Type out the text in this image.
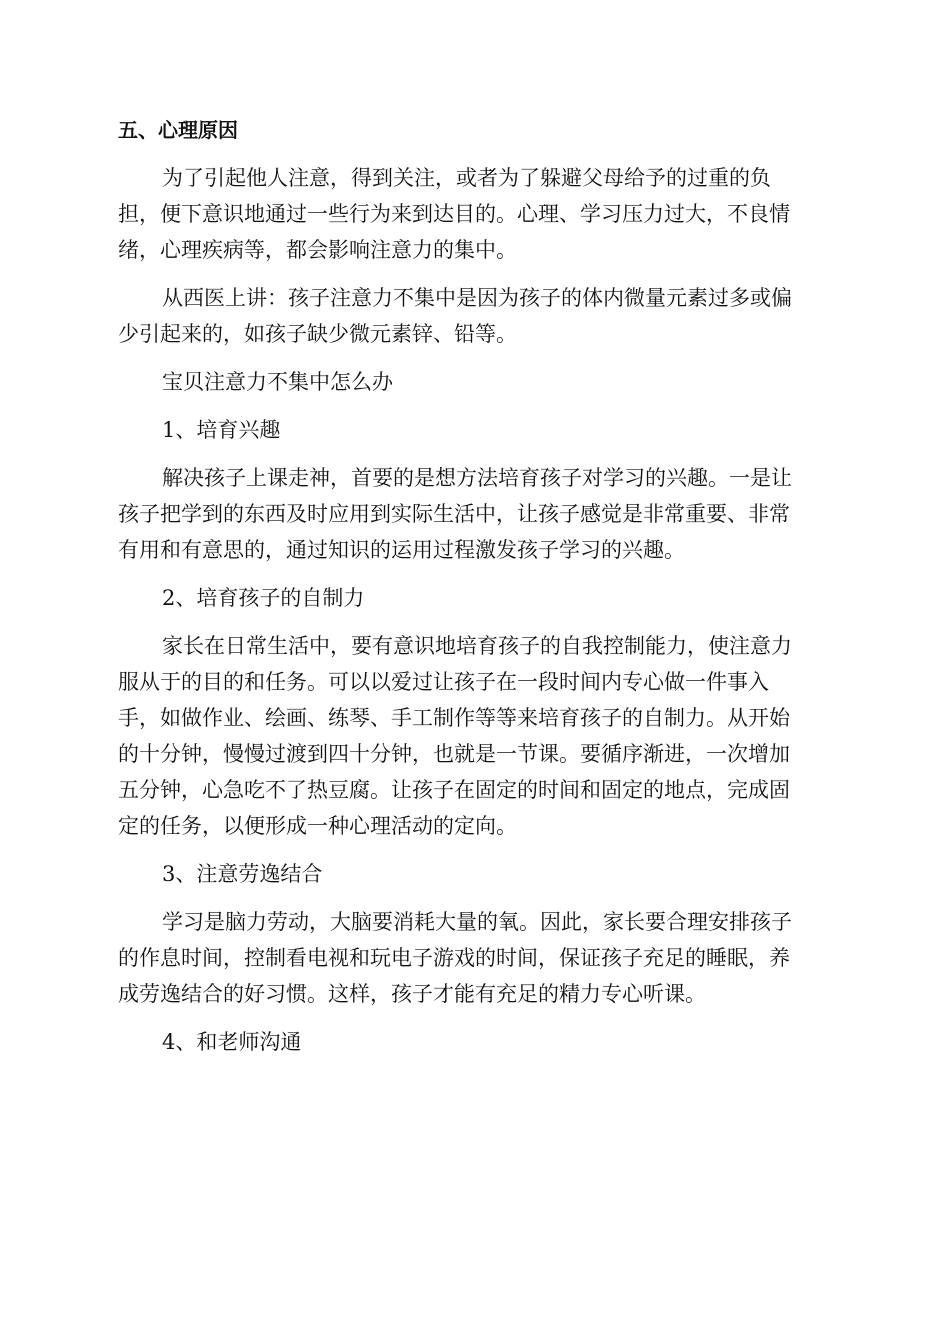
五、心理原因

为了引起他人注意，得到关注，或者为了躲避父母给予的过重的负

担，便下意识地通过一些行为来到达目的。心理、学习压力过大，不良情

绪，心理疾病等，都会影响注意力的集中。

从西医上讲：孩子注意力不集中是因为孩子的体内微量元素过多或偏

少引起来的，如孩子缺少微元素锌、铅等。

宝贝注意力不集中怎么办

1、培育兴趣

解决孩子上课走神，首要的是想方法培育孩子对学习的兴趣。一是让

孩子把学到的东西及时应用到实际生活中，让孩子感觉是非常重要、非常

有用和有意思的，通过知识的运用过程激发孩子学习的兴趣。

2、培育孩子的自制力

家长在日常生活中，要有意识地培育孩子的自我控制能力，使注意力

服从于的目的和任务。可以以爱过让孩子在一段时间内专心做一件事入

手，如做作业、绘画、练琴、手工制作等等来培育孩子的自制力。从开始

的十分钟，慢慢过渡到四十分钟，也就是一节课。要循序渐进，一次增加

五分钟，心急吃不了热豆腐。让孩子在固定的时间和固定的地点，完成固

定的任务，以便形成一种心理活动的定向。

3、注意劳逸结合

学习是脑力劳动，大脑要消耗大量的氧。因此，家长要合理安排孩子

的作息时间，控制看电视和玩电子游戏的时间，保证孩子充足的睡眠，养

成劳逸结合的好习惯。这样，孩子才能有充足的精力专心听课。

4、和老师沟通
